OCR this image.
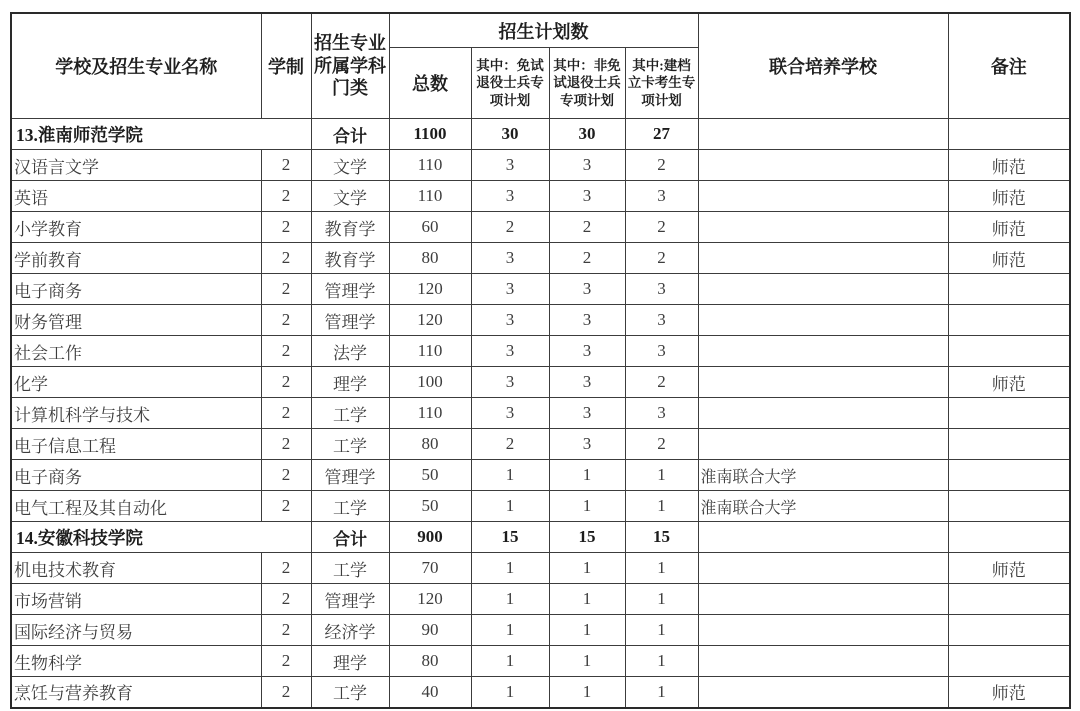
学校及招生专业名称	学制	招生专业所属学科门类	招生计划数				联合培养学校	备注
			总数	其中：免试退役士兵专项计划	其中：非免试退役士兵专项计划	其中:建档立卡考生专项计划		
13.淮南师范学院		合计	1100	30	30	27		
汉语言文学	2	文学	110	3	3	2		师范
英语	2	文学	110	3	3	3		师范
小学教育	2	教育学	60	2	2	2		师范
学前教育	2	教育学	80	3	2	2		师范
电子商务	2	管理学	120	3	3	3		
财务管理	2	管理学	120	3	3	3		
社会工作	2	法学	110	3	3	3		
化学	2	理学	100	3	3	2		师范
计算机科学与技术	2	工学	110	3	3	3		
电子信息工程	2	工学	80	2	3	2		
电子商务	2	管理学	50	1	1	1	淮南联合大学	
电气工程及其自动化	2	工学	50	1	1	1	淮南联合大学	
14.安徽科技学院		合计	900	15	15	15		
机电技术教育	2	工学	70	1	1	1		师范
市场营销	2	管理学	120	1	1	1		
国际经济与贸易	2	经济学	90	1	1	1		
生物科学	2	理学	80	1	1	1		
烹饪与营养教育	2	工学	40	1	1	1		师范
